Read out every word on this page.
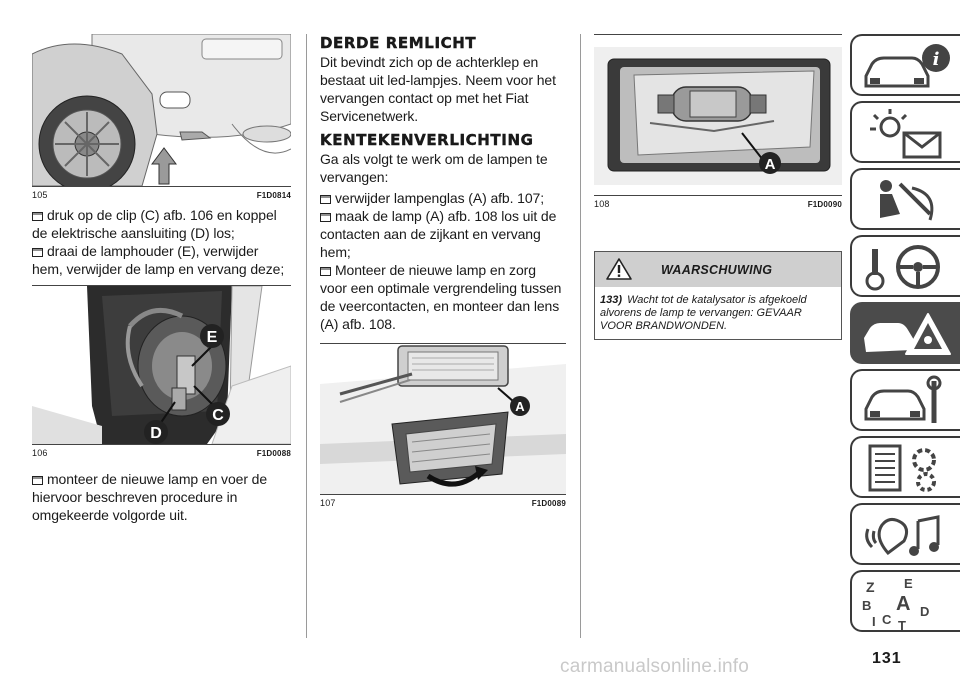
105	F1D0814
druk op de clip (C) afb. 106 en koppel de elektrische aansluiting (D) los;
draai de lamphouder (E), verwijder hem, verwijder de lamp en vervang deze;
E
C
D
106	F1D0088
monteer de nieuwe lamp en voer de hiervoor beschreven procedure in omgekeerde volgorde uit.
DERDE REMLICHT
Dit bevindt zich op de achterklep en bestaat uit led-lampjes. Neem voor het vervangen contact op met het Fiat Servicenetwerk.
KENTEKENVERLICHTING
Ga als volgt te werk om de lampen te vervangen:
verwijder lampenglas (A) afb. 107;
maak de lamp (A) afb. 108 los uit de contacten aan de zijkant en vervang hem;
Monteer de nieuwe lamp en zorg voor een optimale vergrendeling tussen de veercontacten, en monteer dan lens (A) afb. 108.
A
107	F1D0089
A
108	F1D0090
WAARSCHUWING
133) Wacht tot de katalysator is afgekoeld alvorens de lamp te vervangen: GEVAAR VOOR BRANDWONDEN.
i
Z E
B A D
I C T
carmanualsonline.info	131
